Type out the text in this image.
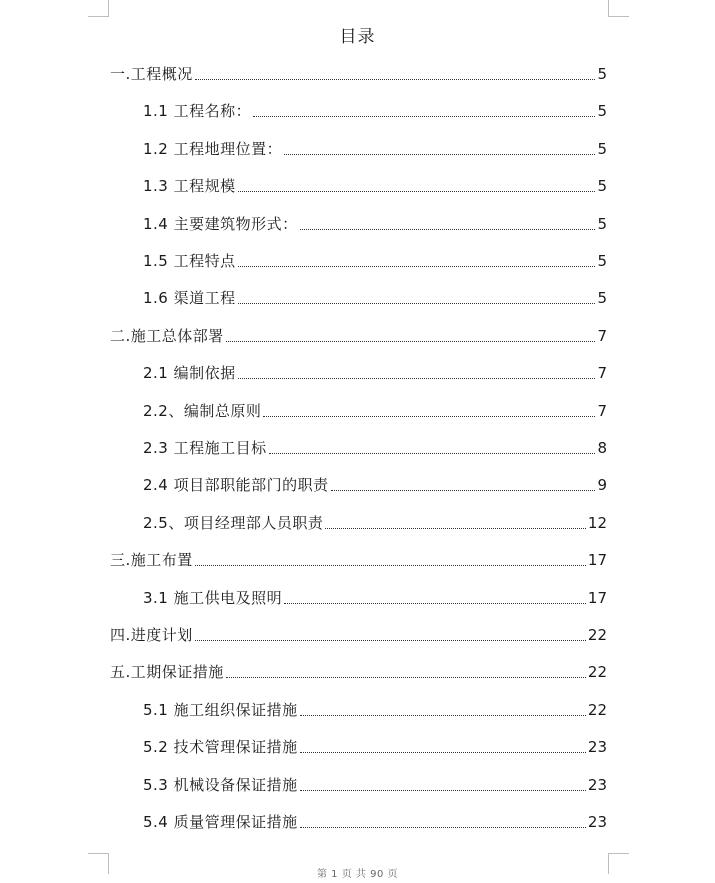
目录
一.工程概况	5
1.1 工程名称：	5
1.2 工程地理位置：	5
1.3 工程规模	5
1.4 主要建筑物形式：	5
1.5 工程特点	5
1.6 渠道工程	5
二.施工总体部署	7
2.1 编制依据	7
2.2、编制总原则	7
2.3 工程施工目标	8
2.4 项目部职能部门的职责	9
2.5、项目经理部人员职责	12
三.施工布置	17
3.1 施工供电及照明	17
四.进度计划	22
五.工期保证措施	22
5.1 施工组织保证措施	22
5.2 技术管理保证措施	23
5.3 机械设备保证措施	23
5.4 质量管理保证措施	23
第 1 页 共 90 页
